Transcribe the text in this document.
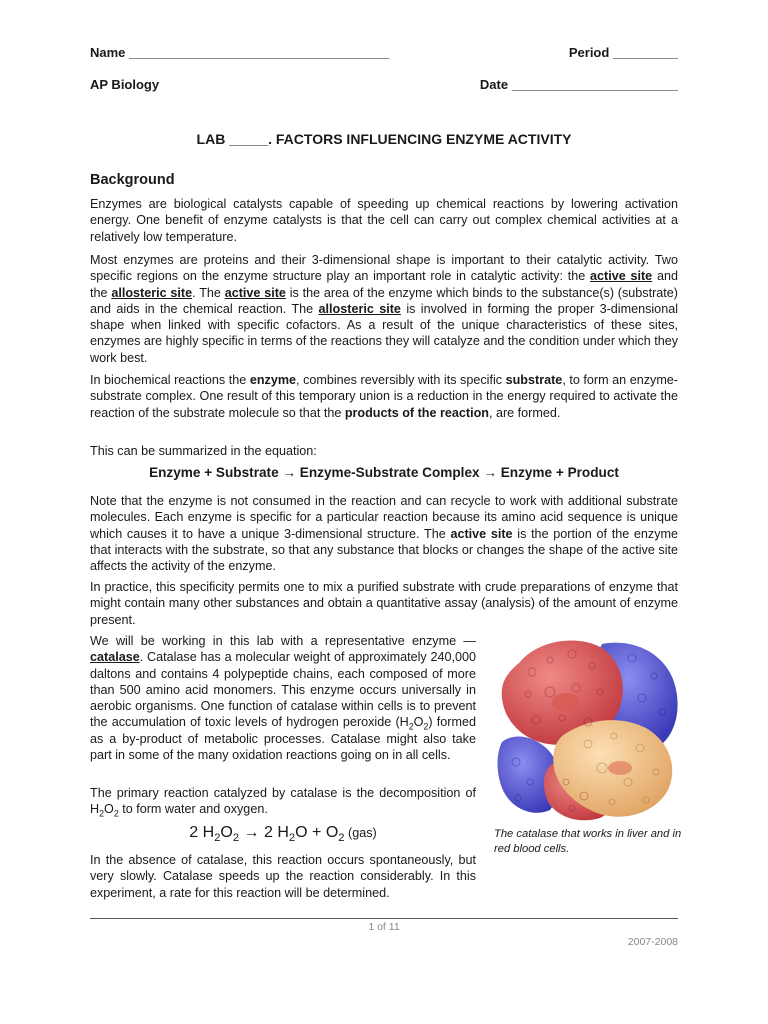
Name ____________________________________	Period _________
AP Biology	Date _______________________
LAB _____. FACTORS INFLUENCING ENZYME ACTIVITY
Background

Enzymes are biological catalysts capable of speeding up chemical reactions by lowering activation energy. One benefit of enzyme catalysts is that the cell can carry out complex chemical activities at a relatively low temperature.

Most enzymes are proteins and their 3-dimensional shape is important to their catalytic activity. Two specific regions on the enzyme structure play an important role in catalytic activity: the active site and the allosteric site. The active site is the area of the enzyme which binds to the substance(s) (substrate) and aids in the chemical reaction. The allosteric site is involved in forming the proper 3-dimensional shape when linked with specific cofactors. As a result of the unique characteristics of these sites, enzymes are highly specific in terms of the reactions they will catalyze and the condition under which they work best.

In biochemical reactions the enzyme, combines reversibly with its specific substrate, to form an enzyme-substrate complex. One result of this temporary union is a reduction in the energy required to activate the reaction of the substrate molecule so that the products of the reaction, are formed.

This can be summarized in the equation:

Enzyme + Substrate → Enzyme-Substrate Complex → Enzyme + Product

Note that the enzyme is not consumed in the reaction and can recycle to work with additional substrate molecules. Each enzyme is specific for a particular reaction because its amino acid sequence is unique which causes it to have a unique 3-dimensional structure. The active site is the portion of the enzyme that interacts with the substrate, so that any substance that blocks or changes the shape of the active site affects the activity of the enzyme.

In practice, this specificity permits one to mix a purified substrate with crude preparations of enzyme that might contain many other substances and obtain a quantitative assay (analysis) of the amount of enzyme present.

We will be working in this lab with a representative enzyme — catalase. Catalase has a molecular weight of approximately 240,000 daltons and contains 4 polypeptide chains, each composed of more than 500 amino acid monomers. This enzyme occurs universally in aerobic organisms. One function of catalase within cells is to prevent the accumulation of toxic levels of hydrogen peroxide $(H_2O_2)$ formed as a by-product of metabolic processes. Catalase might also take part in some of the many oxidation reactions going on in all cells.

The primary reaction catalyzed by catalase is the decomposition of $H_2O_2$ to form water and oxygen.

2 $H_2O_2 \to 2$ $H_2O + O_2$ (gas)

In the absence of catalase, this reaction occurs spontaneously, but very slowly. Catalase speeds up the reaction considerably. In this experiment, a rate for this reaction will be determined.

The catalase that works in liver and in red blood cells.
1 of 11
2007-2008
